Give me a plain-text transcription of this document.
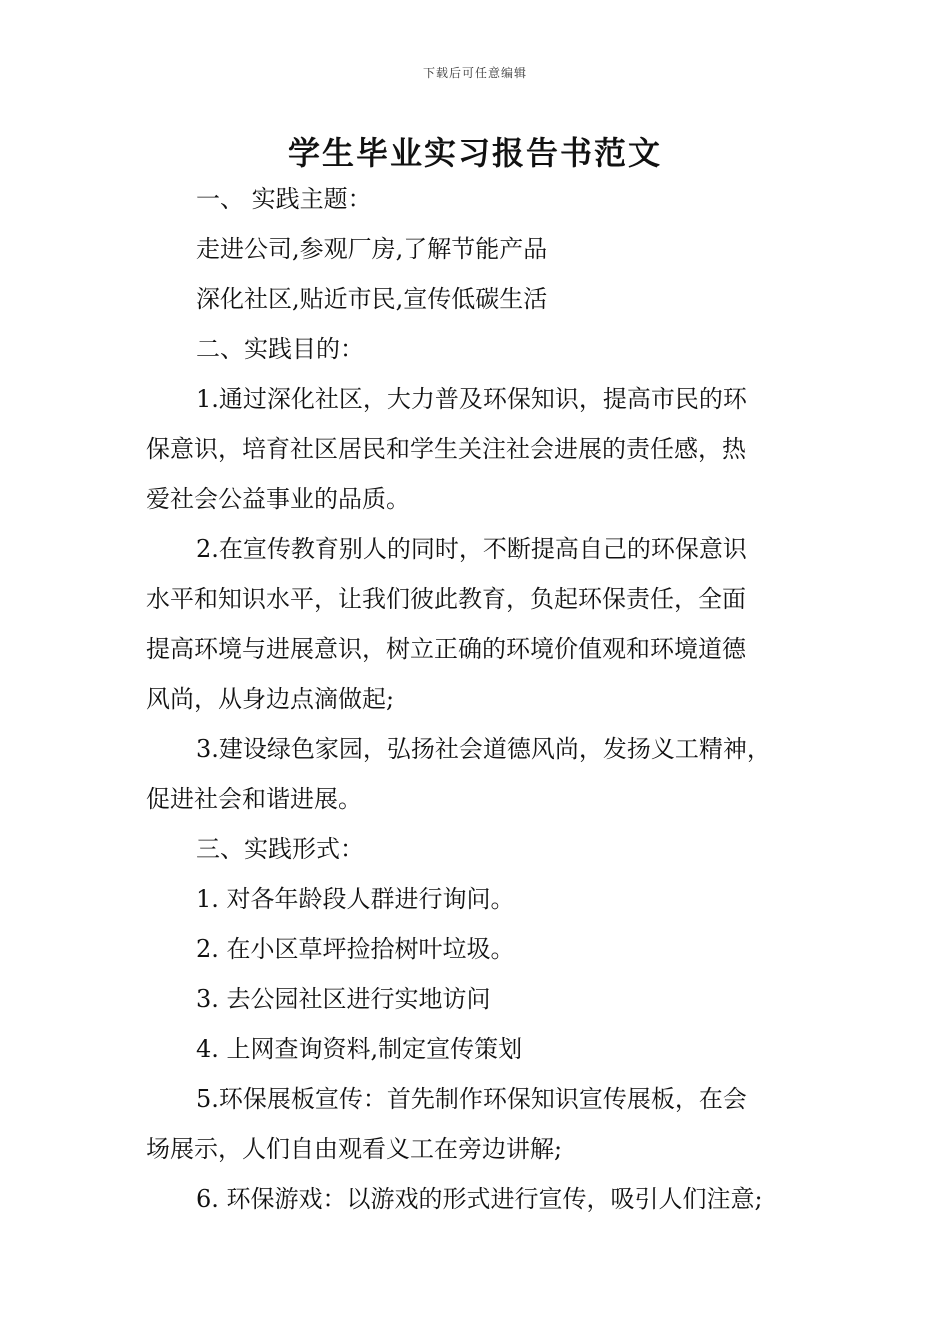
下载后可任意编辑
学生毕业实习报告书范文
一、 实践主题：
走进公司,参观厂房,了解节能产品
深化社区,贴近市民,宣传低碳生活
二、实践目的：
1.通过深化社区，大力普及环保知识，提高市民的环
保意识，培育社区居民和学生关注社会进展的责任感，热
爱社会公益事业的品质。
2.在宣传教育别人的同时，不断提高自己的环保意识
水平和知识水平，让我们彼此教育，负起环保责任，全面
提高环境与进展意识，树立正确的环境价值观和环境道德
风尚，从身边点滴做起;
3.建设绿色家园，弘扬社会道德风尚，发扬义工精神，
促进社会和谐进展。
三、实践形式：
1. 对各年龄段人群进行询问。
2. 在小区草坪捡拾树叶垃圾。
3. 去公园社区进行实地访问
4. 上网查询资料,制定宣传策划
5.环保展板宣传：首先制作环保知识宣传展板，在会
场展示，人们自由观看义工在旁边讲解;
6. 环保游戏：以游戏的形式进行宣传，吸引人们注意;
